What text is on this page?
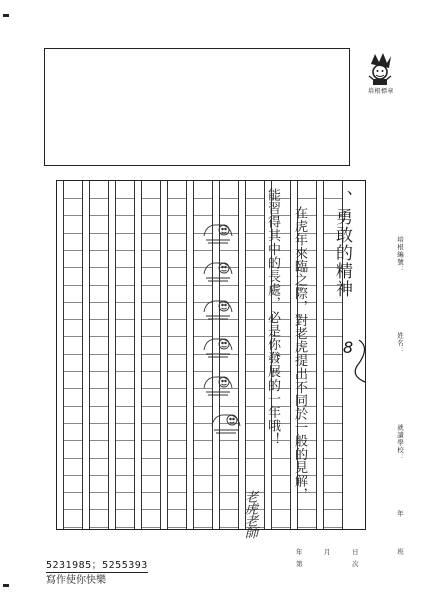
培根標章
、勇敢的精神
在虎年來臨之際，對老虎提出不同於一般的見解，
能習得其中的長處，必是你發展的一年哦！	8
老虎老師
培根編號：
姓名：
就讀學校：
年
班
5231985；5255393
寫作使你快樂
年	月	日
第	次
